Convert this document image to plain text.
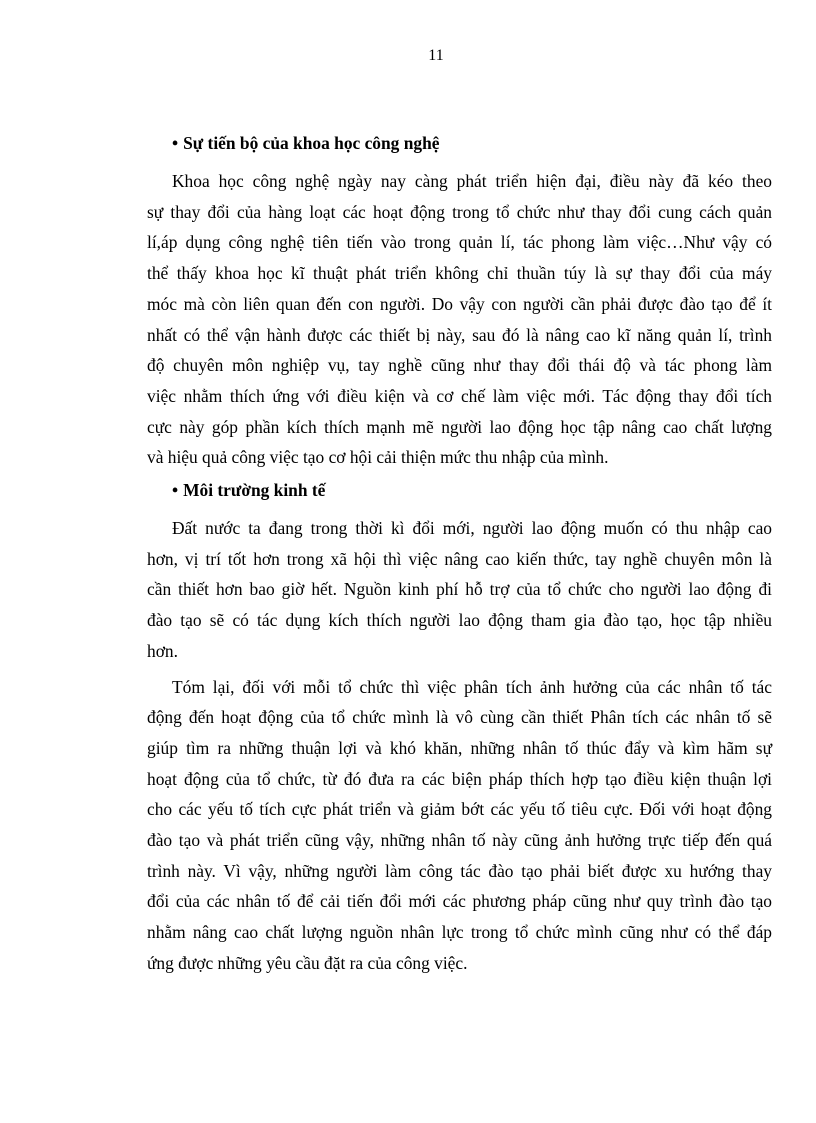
11
• Sự tiến bộ của khoa học công nghệ
Khoa học công nghệ ngày nay càng phát triển hiện đại, điều này đã kéo theo
sự thay đổi của hàng loạt các hoạt động trong tổ chức như thay đổi cung cách quản
lí,áp dụng công nghệ tiên tiến vào trong quản lí, tác phong làm việc…Như vậy có
thể thấy khoa học kĩ thuật phát triển không chỉ thuần túy là sự thay đổi của máy
móc mà còn liên quan đến con người. Do vậy con người cần phải được đào tạo để ít
nhất có thể vận hành được các thiết bị này, sau đó là nâng cao kĩ năng quản lí, trình
độ chuyên môn nghiệp vụ, tay nghề cũng như thay đổi thái độ và tác phong làm
việc nhằm thích ứng với điều kiện và cơ chế làm việc mới. Tác động thay đổi tích
cực này góp phần kích thích mạnh mẽ người lao động học tập nâng cao chất lượng
và hiệu quả công việc tạo cơ hội cải thiện mức thu nhập của mình.
• Môi trường kinh tế
Đất nước ta đang trong thời kì đổi mới, người lao động muốn có thu nhập cao
hơn, vị trí tốt hơn trong xã hội thì việc nâng cao kiến thức, tay nghề chuyên môn là
cần thiết hơn bao giờ hết. Nguồn kinh phí hỗ trợ của tổ chức cho người lao động đi
đào tạo sẽ có tác dụng kích thích người lao động tham gia đào tạo, học tập nhiều
hơn.
Tóm lại, đối với mỗi tổ chức thì việc phân tích ảnh hưởng của các nhân tố tác
động đến hoạt động của tổ chức mình là vô cùng cần thiết Phân tích các nhân tố sẽ
giúp tìm ra những thuận lợi và khó khăn, những nhân tố thúc đẩy và kìm hãm sự
hoạt động của tổ chức, từ đó đưa ra các biện pháp thích hợp tạo điều kiện thuận lợi
cho các yếu tố tích cực phát triển và giảm bớt các yếu tố tiêu cực. Đối với hoạt động
đào tạo và phát triển cũng vậy, những nhân tố này cũng ảnh hưởng trực tiếp đến quá
trình này. Vì vậy, những người làm công tác đào tạo phải biết được xu hướng thay
đổi của các nhân tố để cải tiến đổi mới các phương pháp cũng như quy trình đào tạo
nhằm nâng cao chất lượng nguồn nhân lực trong tổ chức mình cũng như có thể đáp
ứng được những yêu cầu đặt ra của công việc.
